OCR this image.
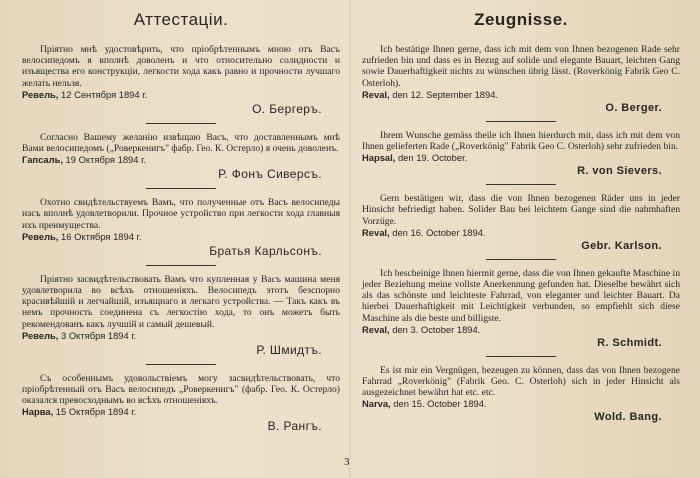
Аттестаціи.

Пріятно мнѣ удостовѣрить, что пріобрѣтеннымъ мною отъ Васъ велосипедомъ я вполнѣ доволенъ и что относительно солидности и изъящества его конструкціи, легкости хода какъ равно и прочности лучшаго желать нельзя.

Ревель, 12 Сентября 1894 г.
О. Бергеръ.

Согласно Вашему желанію извѣщаю Васъ, что доставленнымъ мнѣ Вами велосипедомъ („Роверкенигъ" фабр. Гео. К. Остерло) я очень доволенъ.

Гапсаль, 19 Октября 1894 г.
Р. Фонъ Сиверсъ.

Охотно свидѣтельствуемъ Вамъ, что полученные отъ Васъ велосипеды насъ вполнѣ удовлетворили. Прочное устройство при легкости хода главныя ихъ преимущества.

Ревель, 16 Октября 1894 г.
Братья Карльсонъ.

Пріятно засвидѣтельствовать Вамъ что купленная у Васъ машина меня удовлетворила во всѣхъ отношеніяхъ. Велосипедъ этотъ безспорно красивѣйшій и легчайшій, изъящнаго и легкаго устройства. — Такъ какъ въ немъ прочность соединена съ легкостію хода, то онъ можетъ быть рекомендованъ какъ лучшій и самый дешевый.

Ревель, 3 Октября 1894 г.
Р. Шмидтъ.

Съ особеннымъ удовольствіемъ могу засвидѣтельствовать, что пріобрѣтенный отъ Васъ велосипедъ „Роверкенигъ" (фабр. Гео. К. Остерло) оказался превосходнымъ во всѣхъ отношеніяхъ.

Нарва, 15 Октября 1894 г.
В. Рангъ.
Zeugnisse.

Ich bestätige Ihnen gerne, dass ich mit dem von Ihnen bezogenen Rade sehr zufrieden bin und dass es in Bezug auf solide und elegante Bauart, leichten Gang sowie Dauerhaftigkeit nichts zu wünschen übrig lässt. (Roverkönig Fabrik Geo C. Osterloh).

Reval, den 12. September 1894.
O. Berger.

Ihrem Wunsche gemäss theile ich Ihnen hierdurch mit, dass ich mit dem von Ihnen gelieferten Rade („Roverkönig" Fabrik Geo C. Osterloh) sehr zufrieden bin.

Hapsal, den 19. October.
R. von Sievers.

Gern bestätigen wir, dass die von Ihnen bezogenen Räder uns in jeder Hinsicht befriedigt haben. Solider Bau bei leichtem Gange sind die nahmhaften Vorzüge.

Reval, den 16. October 1894.
Gebr. Karlson.

Ich bescheinige Ihnen hiermit gerne, dass die von Ihnen gekaufte Maschine in jeder Beziehung meine vollste Anerkennung gefunden hat. Dieselbe bewährt sich als das schönste und leichteste Fahrrad, von eleganter und leichter Bauart. Da hierbei Dauerhaftigkeit mit Leichtigkeit verbunden, so empfiehlt sich diese Maschine als die beste und billigste.

Reval, den 3. October 1894.
R. Schmidt.

Es ist mir ein Vergnügen, bezeugen zu können, dass das von Ihnen bezogene Fahrrad „Roverkönig" (Fabrik Geo. C. Osterloh) sich in jeder Hinsicht als ausgezeichnet bewährt hat etc. etc.

Narva, den 15. October 1894.
Wold. Bang.
3
